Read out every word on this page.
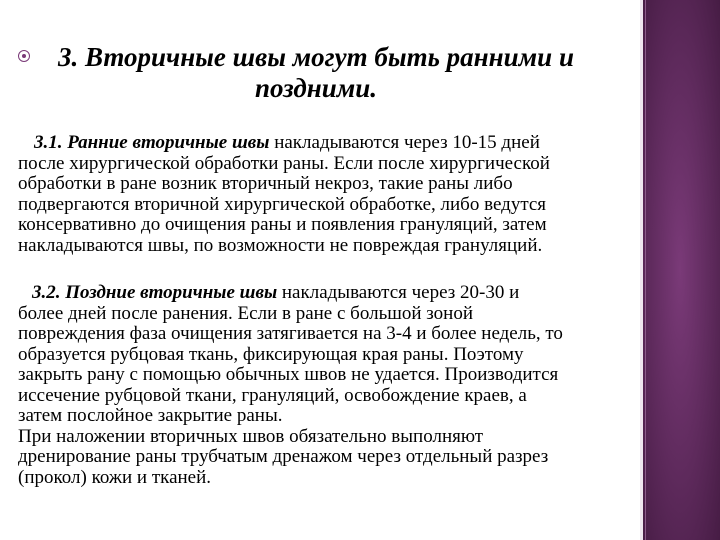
3. Вторичные швы могут быть ранними и
поздними.
3.1. Ранние вторичные швы накладываются через 10-15 дней
после хирургической обработки раны. Если после хирургической
обработки в ране возник вторичный некроз, такие раны либо
подвергаются вторичной хирургической обработке, либо ведутся
консервативно до очищения раны и появления грануляций, затем
накладываются швы, по возможности не повреждая грануляций.
3.2. Поздние вторичные швы накладываются через 20-30 и
более дней после ранения. Если в ране с большой зоной
повреждения фаза очищения затягивается на 3-4 и более недель, то
образуется рубцовая ткань, фиксирующая края раны. Поэтому
закрыть рану с помощью обычных швов не удается. Производится
иссечение рубцовой ткани, грануляций, освобождение краев, а
затем послойное закрытие раны.
При наложении вторичных швов обязательно выполняют
дренирование раны трубчатым дренажом через отдельный разрез
(прокол) кожи и тканей.
